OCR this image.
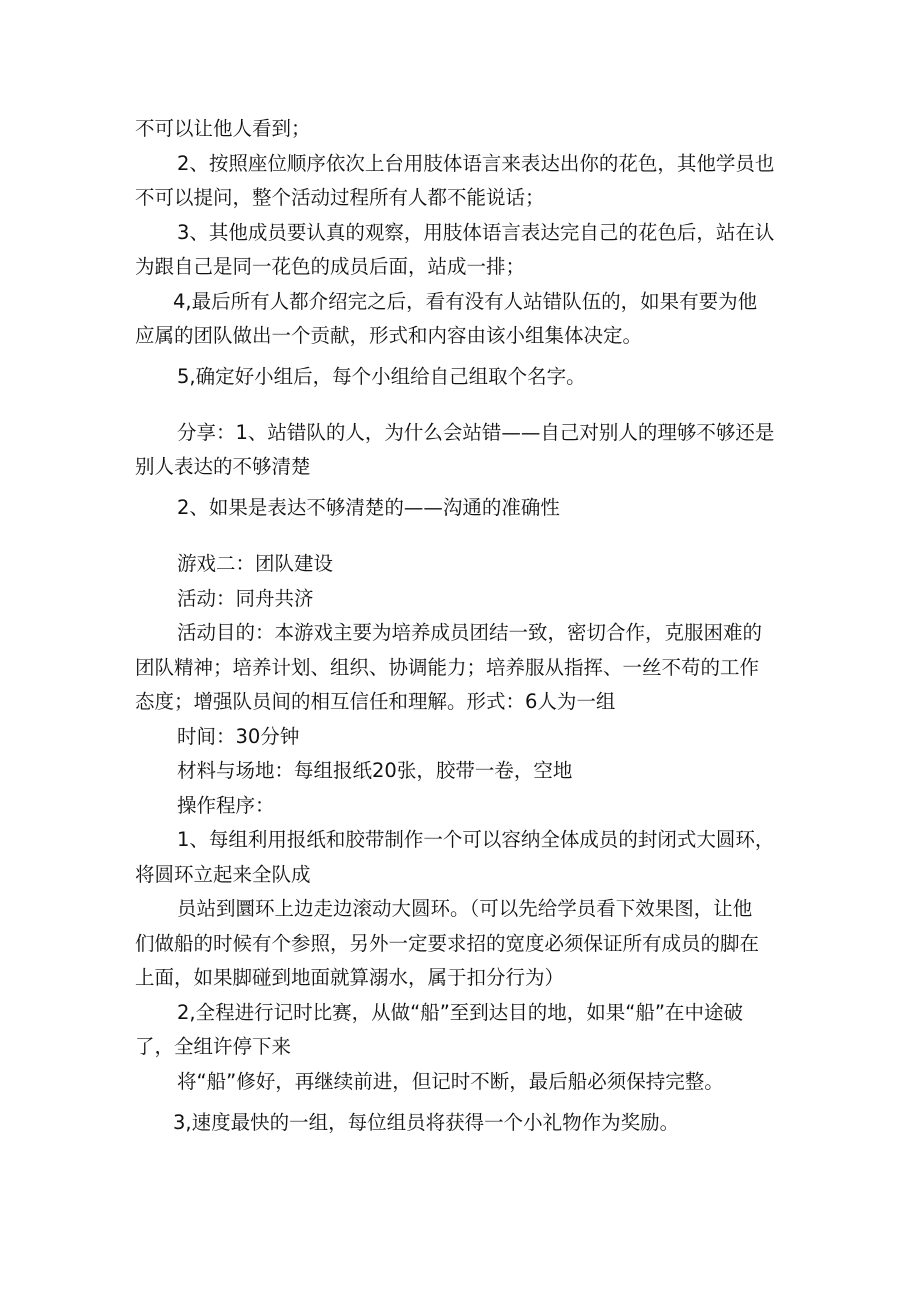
不可以让他人看到；
2、按照座位顺序依次上台用肢体语言来表达出你的花色，其他学员也
不可以提问，整个活动过程所有人都不能说话；
3、其他成员要认真的观察，用肢体语言表达完自己的花色后，站在认
为跟自己是同一花色的成员后面，站成一排；
4,最后所有人都介绍完之后，看有没有人站错队伍的，如果有要为他
应属的团队做出一个贡献，形式和内容由该小组集体决定。
5,确定好小组后，每个小组给自己组取个名字。
分享：1、站错队的人，为什么会站错——自己对别人的理够不够还是
别人表达的不够清楚
2、如果是表达不够清楚的——沟通的准确性
游戏二：团队建设
活动：同舟共济
活动目的：本游戏主要为培养成员团结一致，密切合作，克服困难的
团队精神；培养计划、组织、协调能力；培养服从指挥、一丝不苟的工作
态度；增强队员间的相互信任和理解。形式：6人为一组
时间：30分钟
材料与场地：每组报纸20张，胶带一卷，空地
操作程序：
1、每组利用报纸和胶带制作一个可以容纳全体成员的封闭式大圆环，
将圆环立起来全队成
员站到圜环上边走边滚动大圆环。（可以先给学员看下效果图，让他
们做船的时候有个参照，另外一定要求招的宽度必须保证所有成员的脚在
上面，如果脚碰到地面就算溺水，属于扣分行为）
2,全程进行记时比赛，从做“船”至到达目的地，如果“船”在中途破
了，全组许停下来
将“船”修好，再继续前进，但记时不断，最后船必须保持完整。
3,速度最快的一组，每位组员将获得一个小礼物作为奖励。
